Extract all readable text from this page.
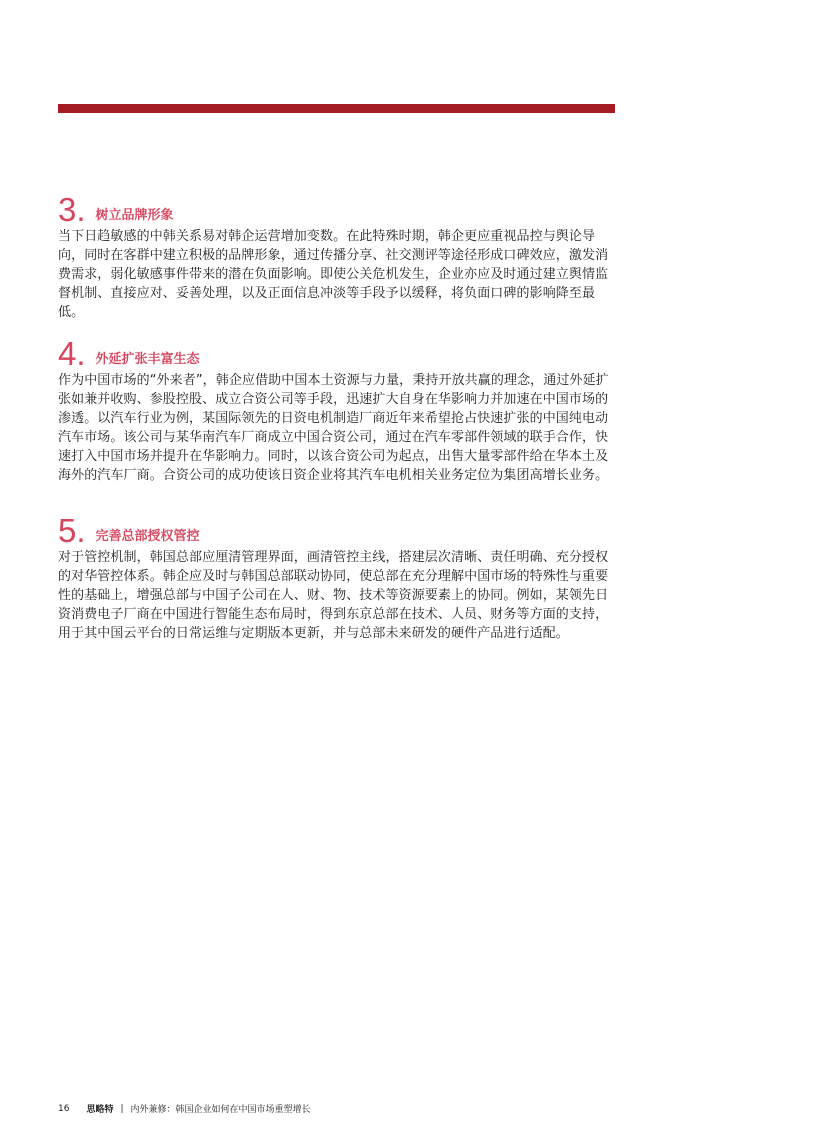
3. 树立品牌形象

当下日趋敏感的中韩关系易对韩企运营增加变数。在此特殊时期，韩企更应重视品控与舆论导向，同时在客群中建立积极的品牌形象，通过传播分享、社交测评等途径形成口碑效应，激发消费需求，弱化敏感事件带来的潜在负面影响。即使公关危机发生，企业亦应及时通过建立舆情监督机制、直接应对、妥善处理，以及正面信息冲淡等手段予以缓释，将负面口碑的影响降至最低。

4. 外延扩张丰富生态

作为中国市场的“外来者”，韩企应借助中国本土资源与力量，秉持开放共赢的理念，通过外延扩张如兼并收购、参股控股、成立合资公司等手段，迅速扩大自身在华影响力并加速在中国市场的渗透。以汽车行业为例，某国际领先的日资电机制造厂商近年来希望抢占快速扩张的中国纯电动汽车市场。该公司与某华南汽车厂商成立中国合资公司，通过在汽车零部件领域的联手合作，快速打入中国市场并提升在华影响力。同时，以该合资公司为起点，出售大量零部件给在华本土及海外的汽车厂商。合资公司的成功使该日资企业将其汽车电机相关业务定位为集团高增长业务。

5. 完善总部授权管控

对于管控机制，韩国总部应厘清管理界面，画清管控主线，搭建层次清晰、责任明确、充分授权的对华管控体系。韩企应及时与韩国总部联动协同，使总部在充分理解中国市场的特殊性与重要性的基础上，增强总部与中国子公司在人、财、物、技术等资源要素上的协同。例如，某领先日资消费电子厂商在中国进行智能生态布局时，得到东京总部在技术、人员、财务等方面的支持，用于其中国云平台的日常运维与定期版本更新，并与总部未来研发的硬件产品进行适配。

16 思略特 | 内外兼修：韩国企业如何在中国市场重塑增长
